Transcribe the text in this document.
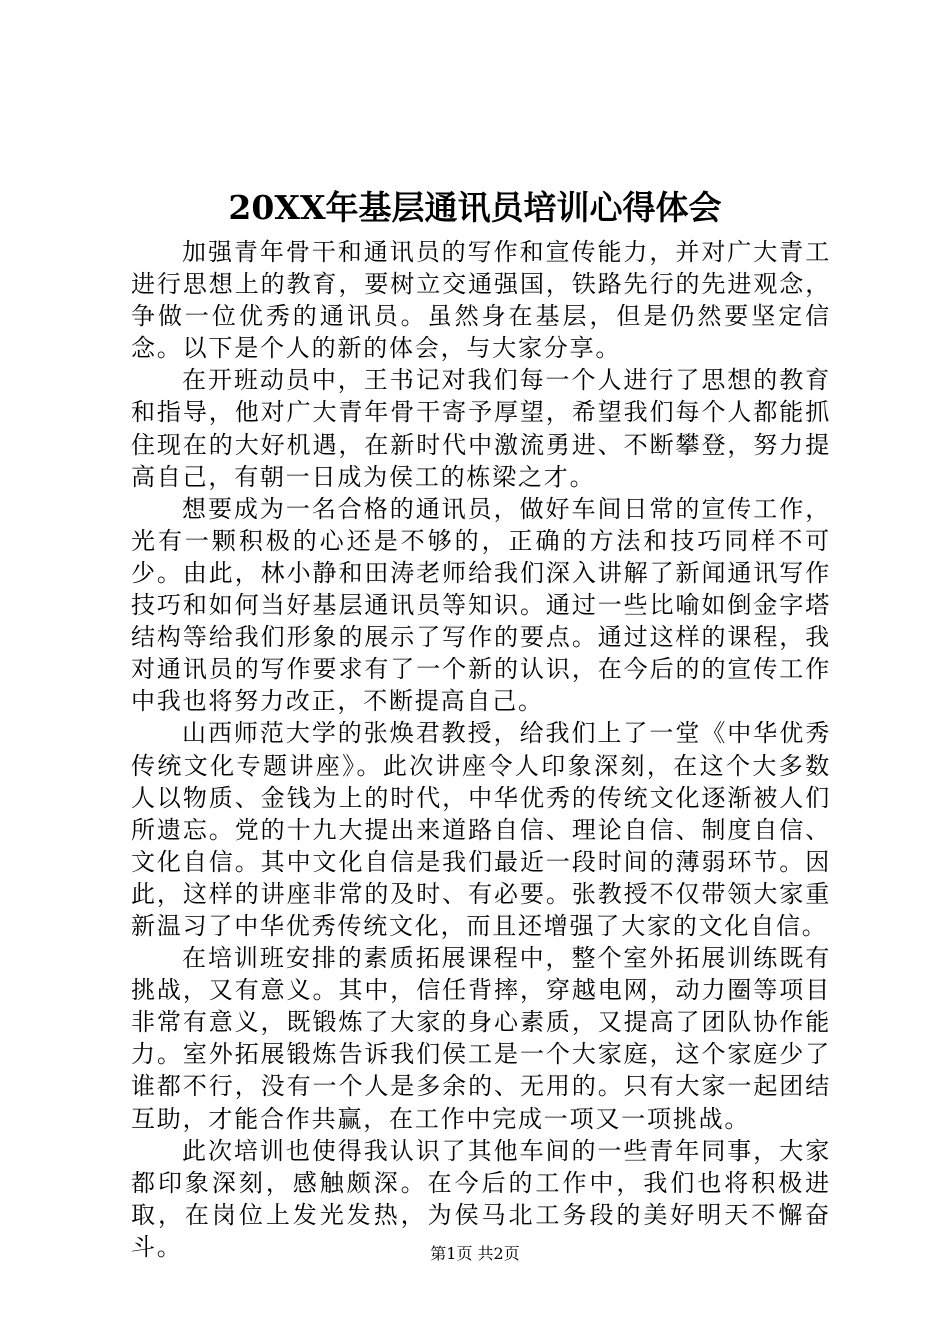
20XX年基层通讯员培训心得体会

加强青年骨干和通讯员的写作和宣传能力，并对广大青工进行思想上的教育，要树立交通强国，铁路先行的先进观念，争做一位优秀的通讯员。虽然身在基层，但是仍然要坚定信念。以下是个人的新的体会，与大家分享。

在开班动员中，王书记对我们每一个人进行了思想的教育和指导，他对广大青年骨干寄予厚望，希望我们每个人都能抓住现在的大好机遇，在新时代中激流勇进、不断攀登，努力提高自己，有朝一日成为侯工的栋梁之才。

想要成为一名合格的通讯员，做好车间日常的宣传工作，光有一颗积极的心还是不够的，正确的方法和技巧同样不可少。由此，林小静和田涛老师给我们深入讲解了新闻通讯写作技巧和如何当好基层通讯员等知识。通过一些比喻如倒金字塔结构等给我们形象的展示了写作的要点。通过这样的课程，我对通讯员的写作要求有了一个新的认识，在今后的的宣传工作中我也将努力改正，不断提高自己。

山西师范大学的张焕君教授，给我们上了一堂《中华优秀传统文化专题讲座》。此次讲座令人印象深刻，在这个大多数人以物质、金钱为上的时代，中华优秀的传统文化逐渐被人们所遗忘。党的十九大提出来道路自信、理论自信、制度自信、文化自信。其中文化自信是我们最近一段时间的薄弱环节。因此，这样的讲座非常的及时、有必要。张教授不仅带领大家重新温习了中华优秀传统文化，而且还增强了大家的文化自信。

在培训班安排的素质拓展课程中，整个室外拓展训练既有挑战，又有意义。其中，信任背摔，穿越电网，动力圈等项目非常有意义，既锻炼了大家的身心素质，又提高了团队协作能力。室外拓展锻炼告诉我们侯工是一个大家庭，这个家庭少了谁都不行，没有一个人是多余的、无用的。只有大家一起团结互助，才能合作共赢，在工作中完成一项又一项挑战。

此次培训也使得我认识了其他车间的一些青年同事，大家都印象深刻，感触颇深。在今后的工作中，我们也将积极进取，在岗位上发光发热，为侯马北工务段的美好明天不懈奋斗。	第1页 共2页
